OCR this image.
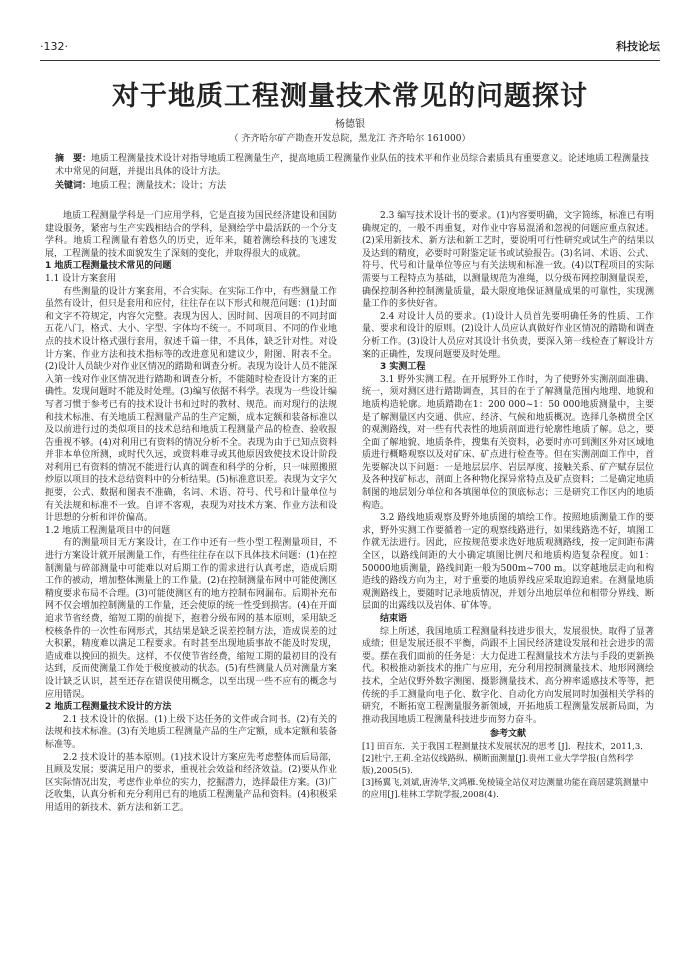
·132·	科技论坛
对于地质工程测量技术常见的问题探讨
杨德银
（ 齐齐哈尔矿产勘查开发总院，黑龙江 齐齐哈尔 161000）
摘　要：地质工程测量技术设计对指导地质工程测量生产，提高地质工程测量作业队伍的技术平和作业员综合素质具有重要意义。论述地质工程测量技术中常见的问题，并提出具体的设计方法。
关键词：地质工程；测量技术；设计；方法

地质工程测量学科是一门应用学科，它是直接为国民经济建设和国防建设服务，紧密与生产实践相结合的学科，是测绘学中最活跃的一个分支学科。地质工程测量有着悠久的历史，近年来，随着测绘科技的飞速发展，工程测量的技术面貌发生了深刻的变化，并取得很大的成就。

1 地质工程测量技术常见的问题
1.1 设计方案套用

有些测量的设计方案套用，不合实际。在实际工作中，有些测量工作虽然有设计，但只是套用和应付，往往存在以下形式和规范问题：(1)封面和文字不符规定，内容欠完整。表现为因人、因时间、因项目的不同封面五花八门，格式、大小、字型、字体均不统一。不同项目、不同的作业地点的技术设计格式强行套用，叙述千篇一律，不具体，缺乏针对性。对设计方案、作业方法和技术指标等的改进意见和建议少，附图、附表不全。(2)设计人员缺少对作业区情况的踏勘和调查分析。表现为设计人员不能深入第一线对作业区情况进行踏勘和调查分析，不能随时检查设计方案的正确性。发现问题时不能及时处理。(3)编写依据不科学。表现为一些设计编写者习惯于参考已有的技术设计书和过时的教材、规范。而对现行的法规和技术标准、有关地质工程测量产品的生产定额，成本定额和装备标准以及以前进行过的类似项目的技术总结和地质工程测量产品的检查、验收报告重视不够。(4)对利用已有资料的情况分析不全。表现为由于已知点资料并非本单位所测，或时代久远，或资料难寻或其他原因致使技术设计阶段对利用已有资料的情况不能进行认真的调查和科学的分析，只一味照搬照炒原以项目的技术总结资料中的分析结果。(5)标准意识差。表现为文字欠扼要，公式、数据和图表不准确，名词、术语、符号、代号和计量单位与有关法规和标准不一致。自评不客观，表现为对技术方案、作业方法和设计思想的分析和评价偏高。

1.2 地质工程测量项目中的问题

有的测量项目无方案设计，在工作中还有一些小型工程测量项目，不进行方案设计就开展测量工作，有些往往存在以下具体技术问题：(1)在控制测量与碎部测量中可能难以对后期工作的需求进行认真考虑，造成后期工作的被动，增加整体测量上的工作量。(2)在控制测量布网中可能使测区精度要求布局不合理。(3)可能使测区有的地方控制布网漏布。后期补充布网不仅会增加控制测量的工作量，还会使原的统一性受到损害。(4)在开面追求节省经费，缩短工期的前提下，抱着分级布网的基本原则，采用缺乏校核条件的一次性布网形式，其结果是缺乏误差控制方法，造成误差的过大积累，精度难以满足工程要求。有时甚至出现地质事故不能及时发现，造成难以挽回的损失。这样，不仅使节省经费，缩短工期的最初目的没有达到，反而使测量工作处于极度被动的状态。(5)有些测量人员对测量方案设计缺乏认识，甚至还存在错误使用概念，以至出现一些不应有的概念与应用错误。

2 地质工程测量技术设计的方法

2.1 技术设计的依据。(1)上级下达任务的文件或合同书。(2)有关的法规和技术标准。(3)有关地质工程测量产品的生产定额，成本定额和装备标准等。

2.2 技术设计的基本原则。(1)技术设计方案应先考虑整体而后局部，且顾及发展；要满足用户的要求，重视社会效益和经济效益。(2)要从作业区实际情况出发，考虑作业单位的实力，挖掘潜力，选择最佳方案。(3)广泛收集，认真分析和充分利用已有的地质工程测量产品和资料。(4)积极采用适用的新技术、新方法和新工艺。

2.3 编写技术设计书的要求。(1)内容要明确，文字简练，标准已有明确规定的，一般不再重复，对作业中容易混淆和忽视的问题应重点叙述。(2)采用新技术、新方法和新工艺时，要说明可行性研究或试生产的结果以及达到的精度，必要时可附鉴定证书或试验报告。(3)名词、术语、公式、符号、代号和计量单位等应与有关法规和标准一致。(4)以T程项目的实际需要与工程特点为基础，以测量规范为准绳，以分级布网控制测量误差，确保控制各种控制测量质量，最大限度地保证测量成果的可靠性，实现测量工作的多快好省。

2.4 对设计人员的要求。(1)设计人员首先要明确任务的性质、工作量、要求和设计的原则。(2)设计人员应认真做好作业区情况的踏勘和调查分析工作。(3)设计人员应对其设计书负责，要深入第一线检查了解设计方案的正确性，发现问题要及时处理。

3 实测工程

3.1 野外实测工程。在开展野外工作时，为了使野外实测剖面准确、统一，须对测区进行踏勘调查，其目的在于了解测量范围内地理、地貌和地质构造轮廓。地质踏勘在1：200 000~1：50 000地质测量中，主要是了解测量区内交通、供应、经济、气候和地质概况。选择几条横贯全区的观测路线，对一些有代表性的地质剖面进行轮廓性地质了解。总之，要全面了解地貌、地质条件，搜集有关资料，必要时亦可到测区外对区域地质进行概略观察以及对矿床、矿点进行检查等。但在实测剖面工作中，首先要解决以下问题：一是地层层序、岩层厚度、接触关系、矿产赋存层位及各种找矿标志，剖面上各种物化探异常特点及矿点资料；二是确定地质制图的地层划分单位和各填图单位的顶底标志；三是研究工作区内的地质构造。

3.2 路线地质观察及野外地质图的填绘工作。按照地质测量工作的要求，野外实测工作要循着一定的观察线路进行，如果线路选不好，填图工作就无法进行。因此，应按规范要求选好地质观测路线，按一定间距布满全区，以路线间距的大小确定填图比例尺和地质构造复杂程度。如1：50000地质测量，路线间距一般为500m~700 m。以穿越地层走向和构造线的路线方向为主，对于重要的地质界线应采取追踪追索。在测量地质观测路线上，要随时记录地质情况，并划分出地层单位和相带分界线、断层面的出露线以及岩体、矿体等。

结束语

综上所述，我国地质工程测量科技进步很大，发展很快。取得了显著成绩；但是发展还很不平衡，尚跟不上国民经济建设发展和社会进步的需要。摆在我们面前的任务是：大力促进工程测量技术方法与手段的更新换代。积极推动新技术的推广与应用，充分利用控制测量技术、地形网测绘技术，全站仪野外数字测图、摄影测量技术、高分辨率遥感技术等等，把传统的手工测量向电子化、数字化、自动化方向发展同时加强相关学科的研究，不断拓宽工程测量服务新领域，开拓地质工程测量发展新局面，为推动我国地质工程测量科技进步而努力奋斗。

参考文献

[1] 田百东．关于我国工程测量技术发展状况的思考 [J]．程技术，2011,3．

[2]杜宁,王莉.全站仪线路纵、横断面测量[J].贵州工业大学学报(自然科学版),2005(5).

[3]杨翼飞,刘斌,唐涛华,文鸿雁.免棱镜全站仪对边测量功能在商居建筑测量中的应用[J].桂林工学院学报,2008(4).
